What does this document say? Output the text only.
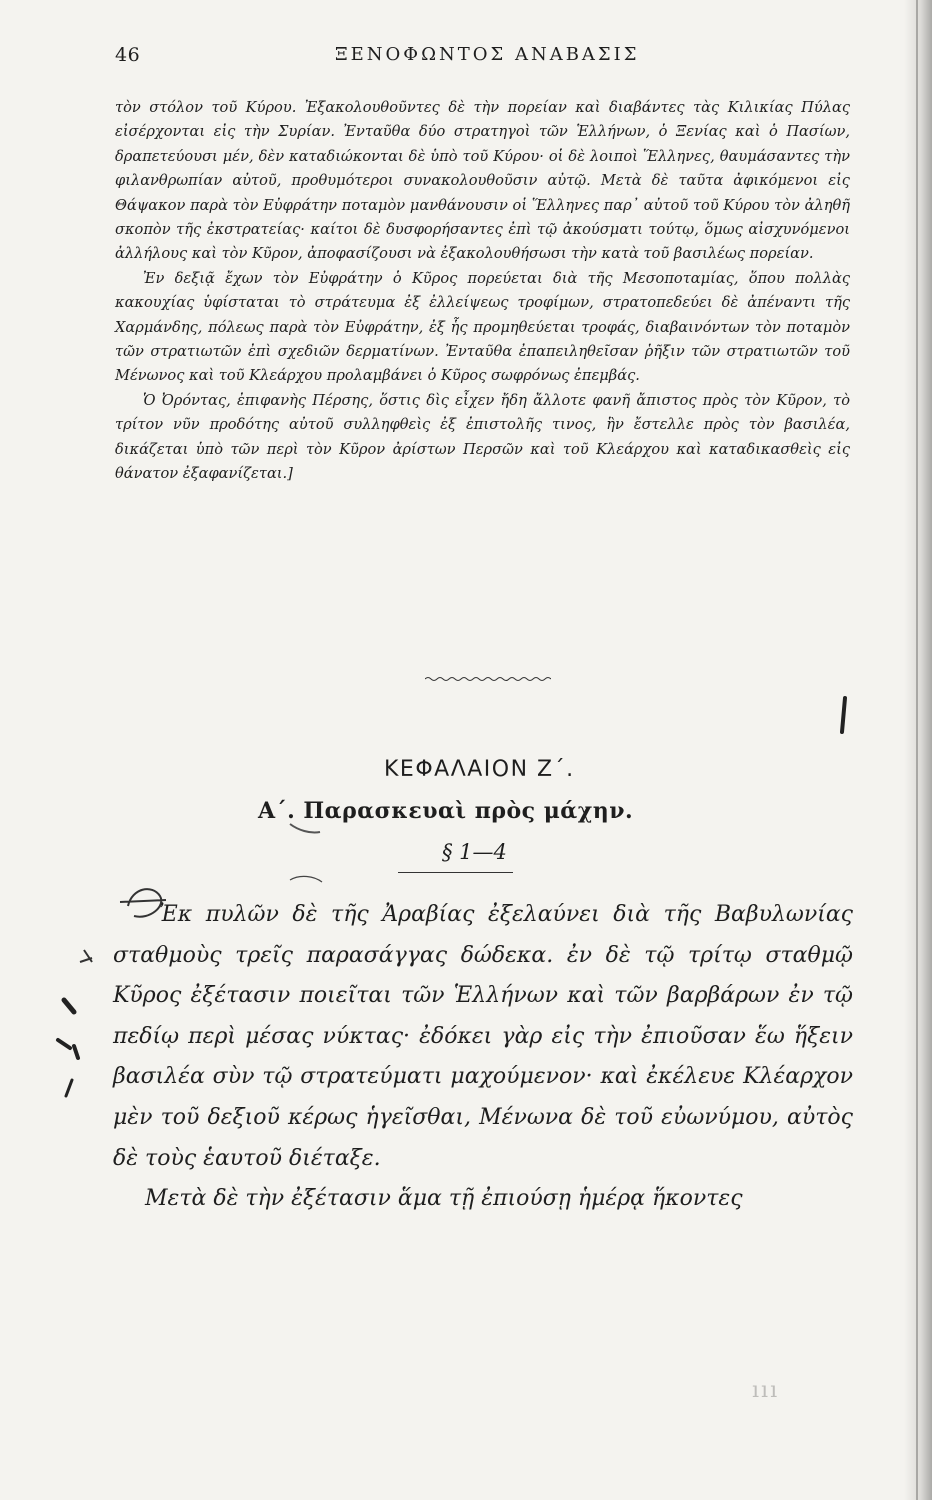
46	ΞΕΝΟΦΩΝΤΟΣ ΑΝΑΒΑΣΙΣ

τὸν στόλον τοῦ Κύρου. Ἐξακολουθοῦντες δὲ τὴν πορείαν καὶ διαβάντες τὰς Κιλικίας Πύλας εἰσέρχονται εἰς τὴν Συρίαν. Ἐνταῦθα δύο στρατηγοὶ τῶν Ἑλλήνων, ὁ Ξενίας καὶ ὁ Πασίων, δραπετεύουσι μέν, δὲν καταδιώκονται δὲ ὑπὸ τοῦ Κύρου· οἱ δὲ λοιποὶ Ἕλληνες, θαυμάσαντες τὴν φιλανθρωπίαν αὐτοῦ, προθυμότεροι συνακολουθοῦσιν αὐτῷ. Μετὰ δὲ ταῦτα ἀφικόμενοι εἰς Θάψακον παρὰ τὸν Εὐφράτην ποταμὸν μανθάνουσιν οἱ Ἕλληνες παρ᾽ αὐτοῦ τοῦ Κύρου τὸν ἀληθῆ σκοπὸν τῆς ἐκστρατείας· καίτοι δὲ δυσφορήσαντες ἐπὶ τῷ ἀκούσματι τούτῳ, ὅμως αἰσχυνόμενοι ἀλλήλους καὶ τὸν Κῦρον, ἀποφασίζουσι νὰ ἐξακολουθήσωσι τὴν κατὰ τοῦ βασιλέως πορείαν.

Ἐν δεξιᾷ ἔχων τὸν Εὐφράτην ὁ Κῦρος πορεύεται διὰ τῆς Μεσοποταμίας, ὅπου πολλὰς κακουχίας ὑφίσταται τὸ στράτευμα ἐξ ἐλλείψεως τροφίμων, στρατοπεδεύει δὲ ἀπέναντι τῆς Χαρμάνδης, πόλεως παρὰ τὸν Εὐφράτην, ἐξ ἧς προμηθεύεται τροφάς, διαβαινόντων τὸν ποταμὸν τῶν στρατιωτῶν ἐπὶ σχεδιῶν δερματίνων. Ἐνταῦθα ἐπαπειληθεῖσαν ῥῆξιν τῶν στρατιωτῶν τοῦ Μένωνος καὶ τοῦ Κλεάρχου προλαμβάνει ὁ Κῦρος σωφρόνως ἐπεμβάς.

Ὁ Ὀρόντας, ἐπιφανὴς Πέρσης, ὅστις δὶς εἶχεν ἤδη ἄλλοτε φανῆ ἄπιστος πρὸς τὸν Κῦρον, τὸ τρίτον νῦν προδότης αὐτοῦ συλληφθεὶς ἐξ ἐπιστολῆς τινος, ἣν ἔστελλε πρὸς τὸν βασιλέα, δικάζεται ὑπὸ τῶν περὶ τὸν Κῦρον ἀρίστων Περσῶν καὶ τοῦ Κλεάρχου καὶ καταδικασθεὶς εἰς θάνατον ἐξαφανίζεται.]

ΚΕΦΑΛΑΙΟΝ Ζ΄.
Α΄. Παρασκευαὶ πρὸς μάχην.
§ 1—4

Ἐκ πυλῶν δὲ τῆς Ἀραβίας ἐξελαύνει διὰ τῆς Βαβυλωνίας σταθμοὺς τρεῖς παρασάγγας δώδεκα. ἐν δὲ τῷ τρίτῳ σταθμῷ Κῦρος ἐξέτασιν ποιεῖται τῶν Ἑλλήνων καὶ τῶν βαρβάρων ἐν τῷ πεδίῳ περὶ μέσας νύκτας· ἐδόκει γὰρ εἰς τὴν ἐπιοῦσαν ἕω ἥξειν βασιλέα σὺν τῷ στρατεύματι μαχούμενον· καὶ ἐκέλευε Κλέαρχον μὲν τοῦ δεξιοῦ κέρως ἡγεῖσθαι, Μένωνα δὲ τοῦ εὐωνύμου, αὐτὸς δὲ τοὺς ἑαυτοῦ διέταξε.

Μετὰ δὲ τὴν ἐξέτασιν ἅμα τῇ ἐπιούσῃ ἡμέρᾳ ἥκοντες

ııı
